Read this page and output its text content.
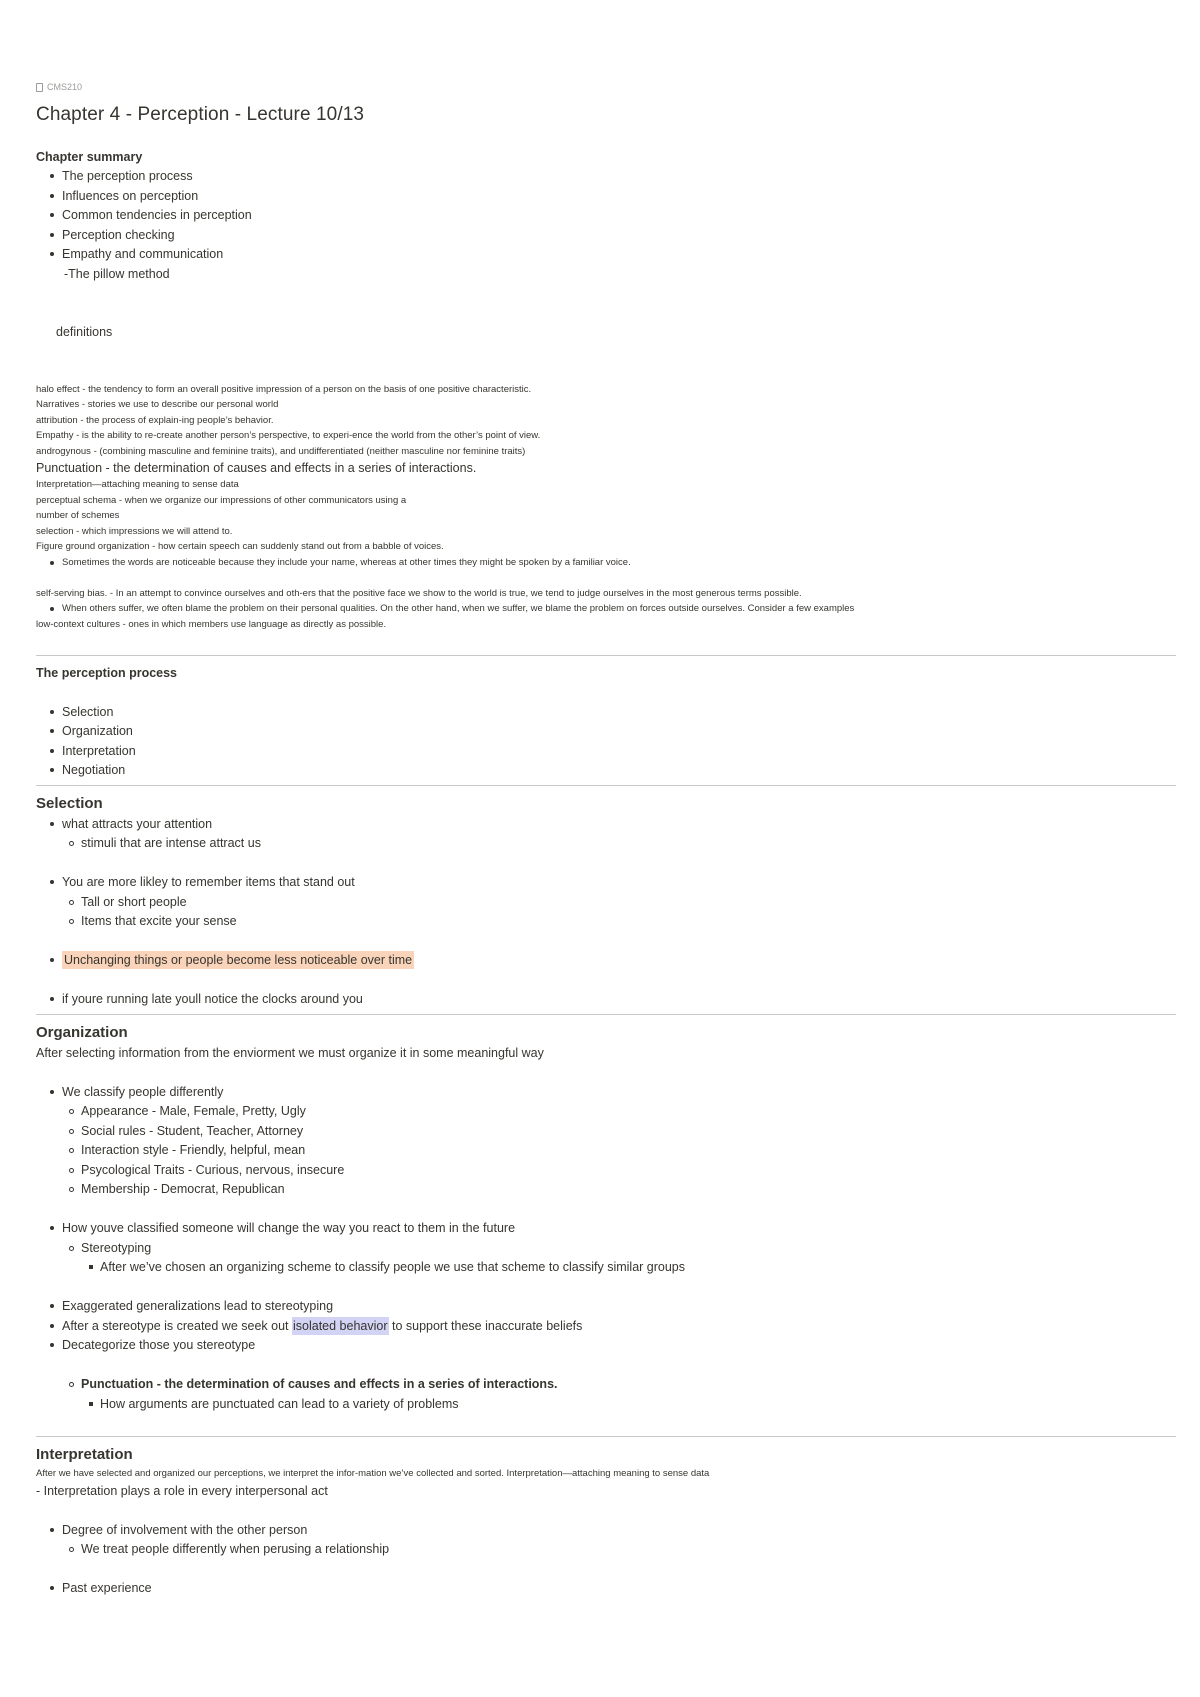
CMS210
Chapter 4 - Perception - Lecture 10/13
Chapter summary
The perception process
Influences on perception
Common tendencies in perception
Perception checking
Empathy and communication
-The pillow method
definitions
halo effect - the tendency to form an overall positive impression of a person on the basis of one positive characteristic.
Narratives - stories we use to describe our personal world
attribution - the process of explain-ing people’s behavior.
Empathy - is the ability to re-create another person’s perspective, to experi-ence the world from the other’s point of view.
androgynous - (combining masculine and feminine traits), and undifferentiated (neither masculine nor feminine traits)
Punctuation - the determination of causes and effects in a series of interactions.
Interpretation—attaching meaning to sense data
perceptual schema - when we organize our impressions of other communicators using a
number of schemes
selection - which impressions we will attend to.
Figure ground organization - how certain speech can suddenly stand out from a babble of voices.
Sometimes the words are noticeable because they include your name, whereas at other times they might be spoken by a familiar voice.
self-serving bias. - In an attempt to convince ourselves and oth-ers that the positive face we show to the world is true, we tend to judge ourselves in the most generous terms possible.
When others suffer, we often blame the problem on their personal qualities. On the other hand, when we suffer, we blame the problem on forces outside ourselves. Consider a few examples
low-context cultures - ones in which members use language as directly as possible.
The perception process
Selection
Organization
Interpretation
Negotiation
Selection
what attracts your attention
stimuli that are intense attract us
You are more likley to remember items that stand out
Tall or short people
Items that excite your sense
Unchanging things or people become less noticeable over time
if youre running late youll notice the clocks around you
Organization
After selecting information from the enviorment we must organize it in some meaningful way
We classify people differently
Appearance - Male, Female, Pretty, Ugly
Social rules - Student, Teacher, Attorney
Interaction style - Friendly, helpful, mean
Psycological Traits - Curious, nervous, insecure
Membership - Democrat, Republican
How youve classified someone will change the way you react to them in the future
Stereotyping
After we’ve chosen an organizing scheme to classify people we use that scheme to classify similar groups
Exaggerated generalizations lead to stereotyping
After a stereotype is created we seek out isolated behavior to support these inaccurate beliefs
Decategorize those you stereotype
Punctuation - the determination of causes and effects in a series of interactions.
How arguments are punctuated can lead to a variety of problems
Interpretation
After we have selected and organized our perceptions, we interpret the infor-mation we’ve collected and sorted. Interpretation—attaching meaning to sense data
- Interpretation plays a role in every interpersonal act
Degree of involvement with the other person
We treat people differently when perusing a relationship
Past experience
